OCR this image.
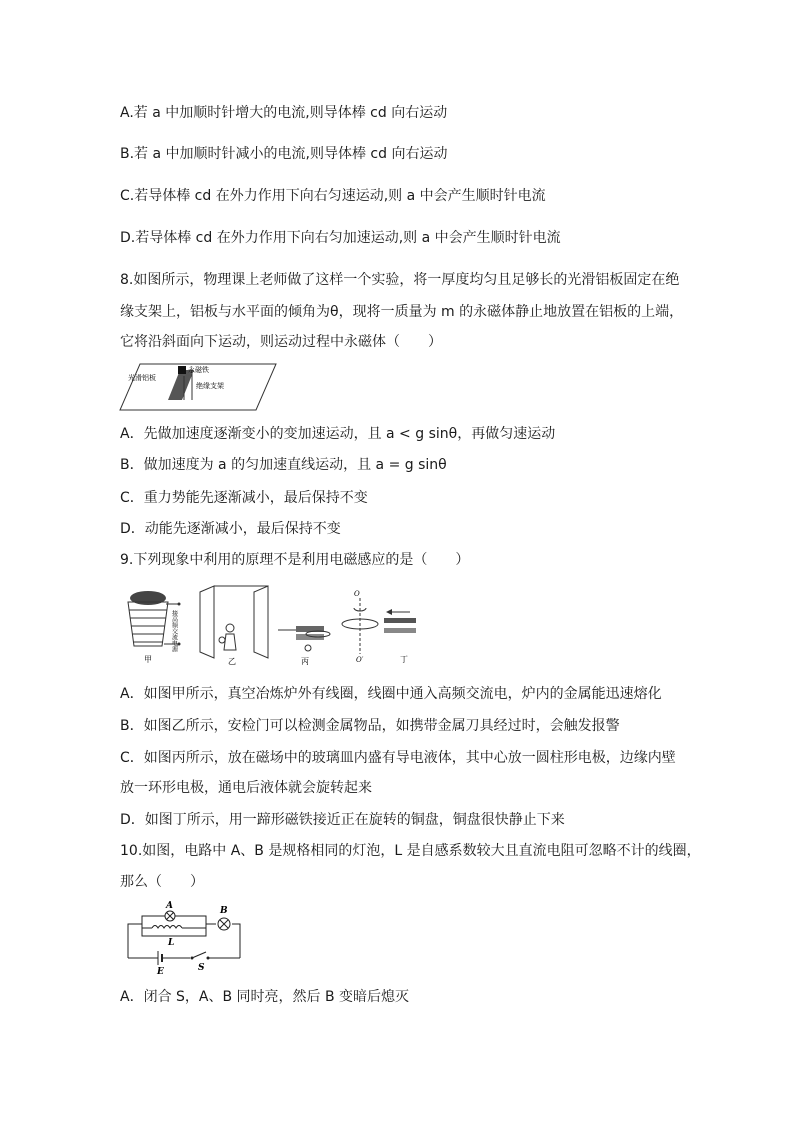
A.若 a 中加顺时针增大的电流,则导体棒 cd 向右运动
B.若 a 中加顺时针减小的电流,则导体棒 cd 向右运动
C.若导体棒 cd 在外力作用下向右匀速运动,则 a 中会产生顺时针电流
D.若导体棒 cd 在外力作用下向右匀加速运动,则 a 中会产生顺时针电流
8.如图所示，物理课上老师做了这样一个实验，将一厚度均匀且足够长的光滑铝板固定在绝
缘支架上，铝板与水平面的倾角为θ，现将一质量为 m 的永磁体静止地放置在铝板的上端，
它将沿斜面向下运动，则运动过程中永磁体（　　）
光滑铝板
永磁铁
绝缘支架
A．先做加速度逐渐变小的变加速运动，且 a < g sinθ，再做匀速运动
B．做加速度为 a 的匀加速直线运动，且 a = g sinθ
C．重力势能先逐渐减小，最后保持不变
D．动能先逐渐减小，最后保持不变
9.下列现象中利用的原理不是利用电磁感应的是（　　）
接高频交流电源
甲	乙	丙
O
O′	丁
A．如图甲所示，真空冶炼炉外有线圈，线圈中通入高频交流电，炉内的金属能迅速熔化
B．如图乙所示，安检门可以检测金属物品，如携带金属刀具经过时，会触发报警
C．如图丙所示，放在磁场中的玻璃皿内盛有导电液体，其中心放一圆柱形电极，边缘内壁
放一环形电极，通电后液体就会旋转起来
D．如图丁所示，用一蹄形磁铁接近正在旋转的铜盘，铜盘很快静止下来
10.如图，电路中 A、B 是规格相同的灯泡，L 是自感系数较大且直流电阻可忽略不计的线圈，
那么（　　）
A	B
L
E	S
A．闭合 S，A、B 同时亮，然后 B 变暗后熄灭
